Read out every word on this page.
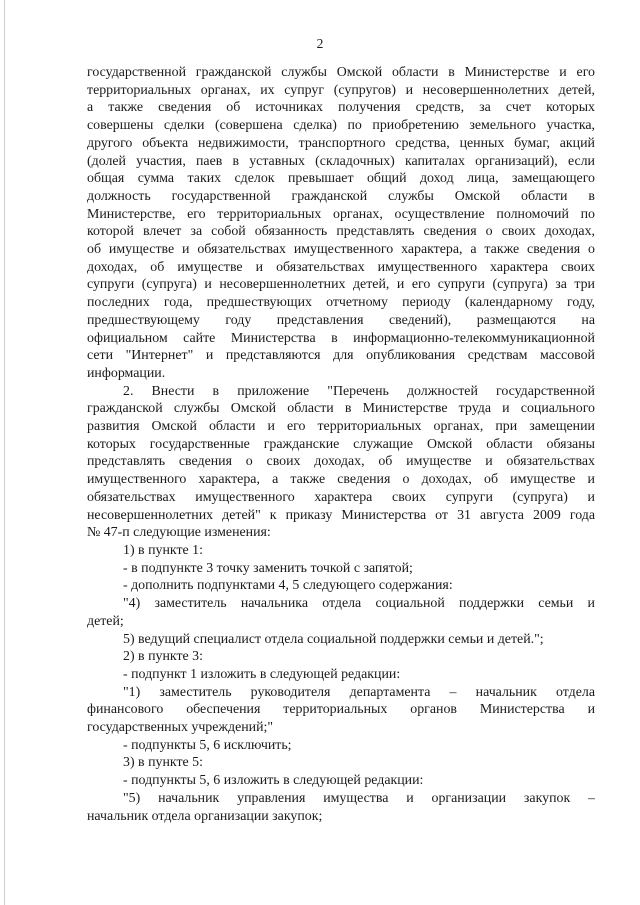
2

государственной гражданской службы Омской области в Министерстве и его

территориальных органах, их супруг (супругов) и несовершеннолетних детей,

а также сведения об источниках получения средств, за счет которых

совершены сделки (совершена сделка) по приобретению земельного участка,

другого объекта недвижимости, транспортного средства, ценных бумаг, акций

(долей участия, паев в уставных (складочных) капиталах организаций), если

общая сумма таких сделок превышает общий доход лица, замещающего

должность государственной гражданской службы Омской области в

Министерстве, его территориальных органах, осуществление полномочий по

которой влечет за собой обязанность представлять сведения о своих доходах,

об имуществе и обязательствах имущественного характера, а также сведения о

доходах, об имуществе и обязательствах имущественного характера своих

супруги (супруга) и несовершеннолетних детей, и его супруги (супруга) за три

последних года, предшествующих отчетному периоду (календарному году,

предшествующему году представления сведений), размещаются на

официальном сайте Министерства в информационно-телекоммуникационной

сети "Интернет" и представляются для опубликования средствам массовой

информации.

2. Внести в приложение "Перечень должностей государственной

гражданской службы Омской области в Министерстве труда и социального

развития Омской области и его территориальных органах, при замещении

которых государственные гражданские служащие Омской области обязаны

представлять сведения о своих доходах, об имуществе и обязательствах

имущественного характера, а также сведения о доходах, об имуществе и

обязательствах имущественного характера своих супруги (супруга) и

несовершеннолетних детей" к приказу Министерства от 31 августа 2009 года

№ 47-п следующие изменения:

1) в пункте 1:

- в подпункте 3 точку заменить точкой с запятой;

- дополнить подпунктами 4, 5 следующего содержания:

"4) заместитель начальника отдела социальной поддержки семьи и

детей;

5) ведущий специалист отдела социальной поддержки семьи и детей.";

2) в пункте 3:

- подпункт 1 изложить в следующей редакции:

"1) заместитель руководителя департамента – начальник отдела

финансового обеспечения территориальных органов Министерства и

государственных учреждений;"

- подпункты 5, 6 исключить;

3) в пункте 5:

- подпункты 5, 6 изложить в следующей редакции:

"5) начальник управления имущества и организации закупок –

начальник отдела организации закупок;
